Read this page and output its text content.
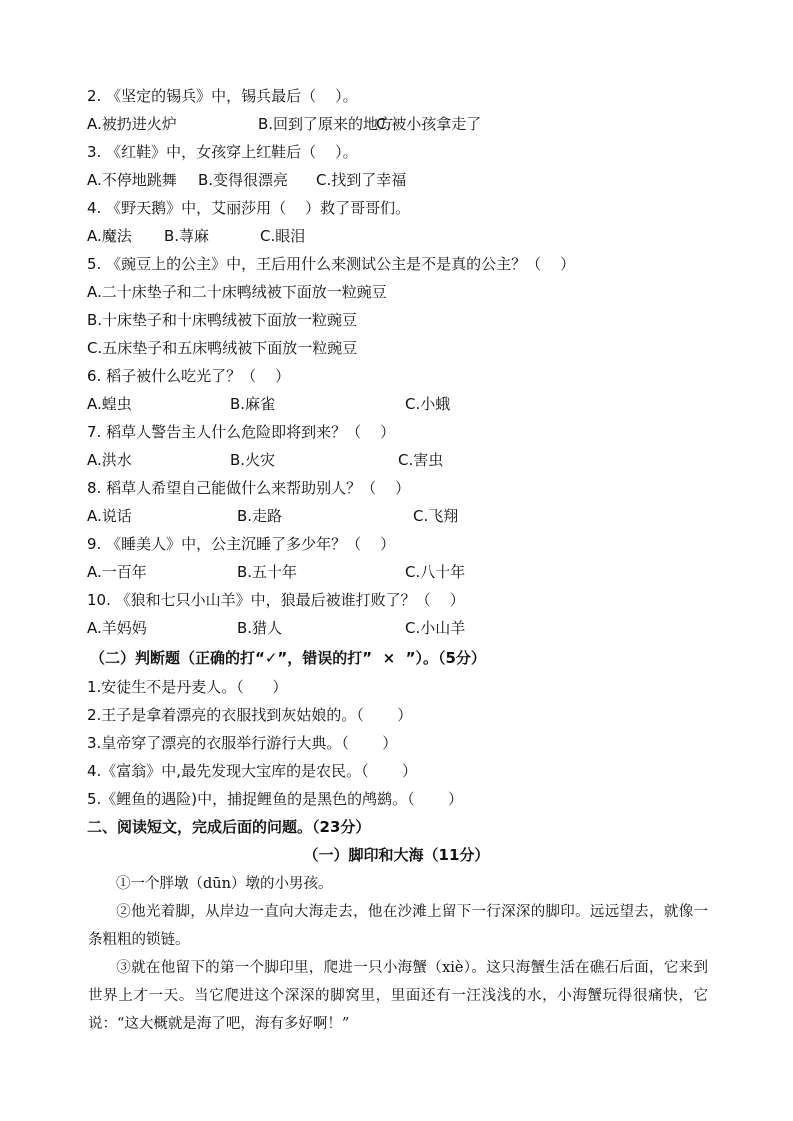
2. 《坚定的锡兵》中，锡兵最后（    ）。
A.被扔进火炉	B.回到了原来的地方
C.被小孩拿走了
3. 《红鞋》中，女孩穿上红鞋后（    ）。
A.不停地跳舞 B.变得很漂亮 C.找到了幸福
4. 《野天鹅》中，艾丽莎用（    ）救了哥哥们。
A.魔法 B.荨麻	C.眼泪
5. 《豌豆上的公主》中，王后用什么来测试公主是不是真的公主？（    ）
A.二十床垫子和二十床鸭绒被下面放一粒豌豆
B.十床垫子和十床鸭绒被下面放一粒豌豆
C.五床垫子和五床鸭绒被下面放一粒豌豆
6. 稻子被什么吃光了？（    ）
A.蝗虫	B.麻雀	C.小蛾
7. 稻草人警告主人什么危险即将到来？（    ）
A.洪水	B.火灾	C.害虫
8. 稻草人希望自己能做什么来帮助别人？（    ）
A.说话	B.走路	C.飞翔
9. 《睡美人》中，公主沉睡了多少年？（    ）
A.一百年	B.五十年	C.八十年
10. 《狼和七只小山羊》中，狼最后被谁打败了？（    ）
A.羊妈妈	B.猎人	C.小山羊
（二）判断题（正确的打“✓”，错误的打”  ×  ”）。（5分）
1.安徒生不是丹麦人。（      ）
2.王子是拿着漂亮的衣服找到灰姑娘的。（       ）
3.皇帝穿了漂亮的衣服举行游行大典。（       ）
4.《富翁》中,最先发现大宝库的是农民。（       ）
5.《鲤鱼的遇险)中，捕捉鲤鱼的是黑色的鸬鹚。（       ）
二、阅读短文，完成后面的问题。（23分）
（一）脚印和大海（11分）
①一个胖墩（dūn）墩的小男孩。
②他光着脚，从岸边一直向大海走去，他在沙滩上留下一行深深的脚印。远远望去，就像一条粗粗的锁链。
③就在他留下的第一个脚印里，爬进一只小海蟹（xiè）。这只海蟹生活在礁石后面，它来到世界上才一天。当它爬进这个深深的脚窝里，里面还有一汪浅浅的水，小海蟹玩得很痛快，它说：“这大概就是海了吧，海有多好啊！”
